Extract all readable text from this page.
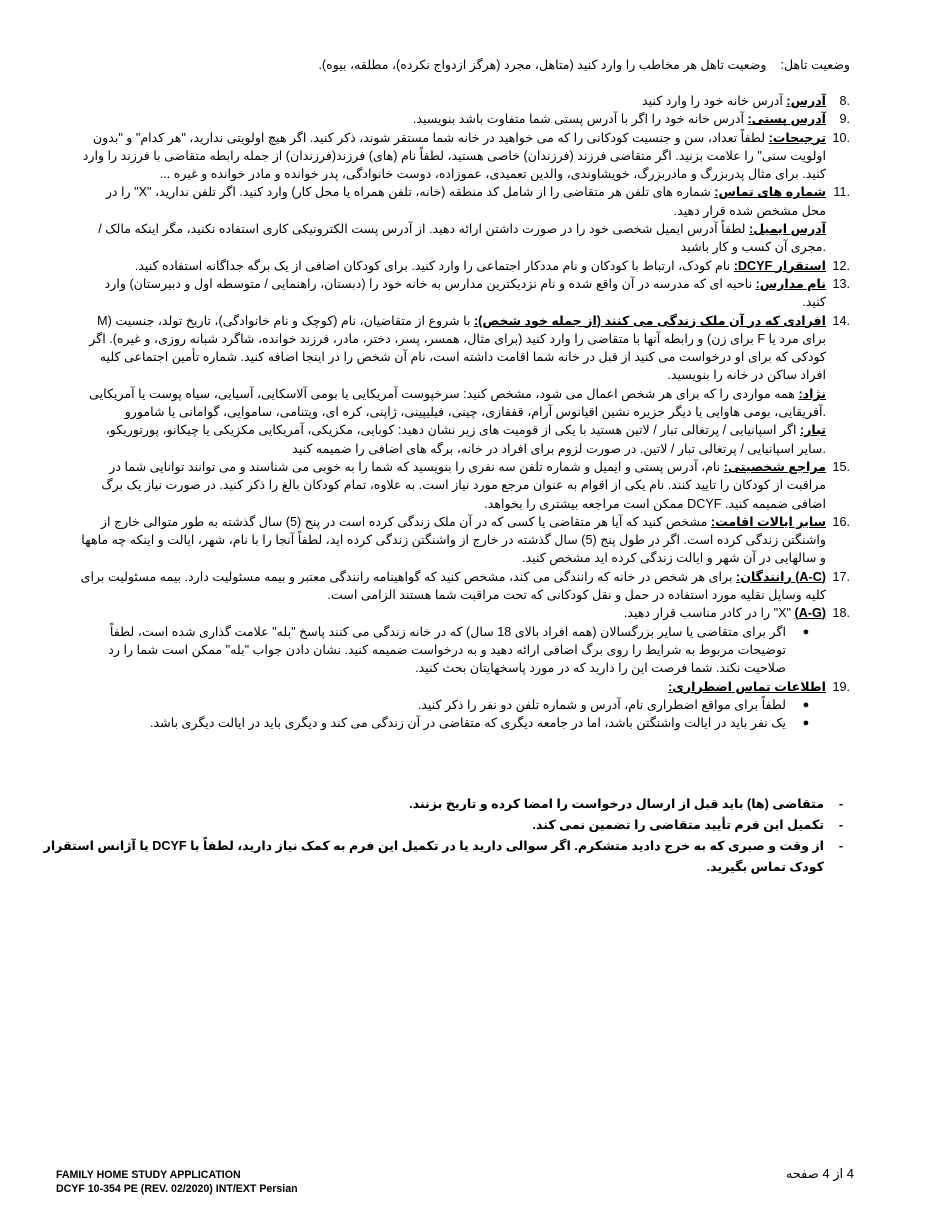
وضعیت تاهل: وضعیت تاهل هر مخاطب را وارد کنید (متاهل، مجرد (هرگز ازدواج نکرده)، مطلقه، بیوه).
8.
آدرس: آدرس خانه خود را وارد کنید
9.
آدرس پستی: آدرس خانه خود را اگر با آدرس پستی شما متفاوت باشد بنویسید.
10.
ترجیحات: لطفاً تعداد، سن و جنسیت کودکانی را که می خواهید در خانه شما مستقر شوند، ذکر کنید. اگر هیچ اولویتی ندارید، "هر کدام" و "بدون اولویت سنی" را علامت بزنید. اگر متقاضی فرزند (فرزندان) خاصی هستید، لطفاً نام (های) فرزند(فرزندان) از جمله رابطه متقاضی با فرزند را وارد کنید. برای مثال پدربزرگ و مادربزرگ، خویشاوندی، والدین تعمیدی، عموزاده، دوست خانوادگی، پدر خوانده و مادر خوانده و غیره ...
11.
شماره های تماس: شماره های تلفن هر متقاضی را از شامل کد منطقه (خانه، تلفن همراه یا محل کار) وارد کنید. اگر تلفن ندارید، "X" را در محل مشخص شده قرار دهید.
آدرس ایمیل: لطفاً آدرس ایمیل شخصی خود را در صورت داشتن ارائه دهید. از آدرس پست الکترونیکی کاری استفاده نکنید، مگر اینکه مالک / مجری آن کسب و کار باشید.
12.
استقرار DCYF: نام کودک، ارتباط با کودکان و نام مددکار اجتماعی را وارد کنید. برای کودکان اضافی از یک برگه جداگانه استفاده کنید.
13.
نام مدارس: ناحیه ای که مدرسه در آن واقع شده و نام نزدیکترین مدارس به خانه خود را (دبستان، راهنمایی / متوسطه اول و دبیرستان) وارد کنید.
14.
افرادی که در آن ملک زندگی می کنند (از جمله خود شخص): با شروع از متقاضیان، نام (کوچک و نام خانوادگی)، تاریخ تولد، جنسیت (M برای مرد یا F برای زن) و رابطه آنها با متقاضی را وارد کنید (برای مثال، همسر، پسر، دختر، مادر، فرزند خوانده، شاگرد شبانه روزی، و غیره). اگر کودکی که برای او درخواست می کنید از قبل در خانه شما اقامت داشته است، نام آن شخص را در اینجا اضافه کنید. شماره تأمین اجتماعی کلیه افراد ساکن در خانه را بنویسید.
نژاد: همه مواردی را که برای هر شخص اعمال می شود، مشخص کنید: سرخپوست آمریکایی یا بومی آلاسکایی، آسیایی، سیاه پوست یا آمریکایی آفریقایی، بومی هاوایی یا دیگر جزیره نشین اقیانوس آرام، قفقازی، چینی، فیلیپینی، ژاپنی، کره ای، ویتنامی، ساموایی، گوامانی یا شامورو.
تبار: اگر اسپانیایی / پرتغالی تبار / لاتین هستید با یکی از قومیت های زیر نشان دهید: کوبایی، مکزیکی، آمریکایی مکزیکی یا چیکانو، پورتوریکو، سایر اسپانیایی / پرتغالی تبار / لاتین. در صورت لزوم برای افراد در خانه، برگه های اضافی را ضمیمه کنید.
15.
مراجع شخصیتی: نام، آدرس پستی و ایمیل و شماره تلفن سه نفری را بنویسید که شما را به خوبی می شناسند و می توانند توانایی شما در مراقبت از کودکان را تایید کنند. نام یکی از اقوام به عنوان مرجع مورد نیاز است. به علاوه، تمام کودکان بالغ را ذکر کنید. در صورت نیاز یک برگ اضافی ضمیمه کنید. DCYF ممکن است مراجعه بیشتری را بخواهد.
16.
سایر ایالات اقامت: مشخص کنید که آیا هر متقاضی یا کسی که در آن ملک زندگی کرده است در پنج (5) سال گذشته به طور متوالی خارج از واشنگتن زندگی کرده است. اگر در طول پنج (5) سال گذشته در خارج از واشنگتن زندگی کرده اید، لطفاً آنجا را با نام، شهر، ایالت و اینکه چه ماهها و سالهایی در آن شهر و ایالت زندگی کرده اید مشخص کنید.
17.
(A-C) رانندگان: برای هر شخص در خانه که رانندگی می کند، مشخص کنید که گواهینامه رانندگی معتبر و بیمه مسئولیت دارد. بیمه مسئولیت برای کلیه وسایل نقلیه مورد استفاده در حمل و نقل کودکانی که تحت مراقبت شما هستند الزامی است.
18.
(A-G) "X" را در کادر مناسب قرار دهید.
●
اگر برای متقاضی یا سایر بزرگسالان (همه افراد بالای 18 سال) که در خانه زندگی می کنند پاسخ "بله" علامت گذاری شده است، لطفاً توضیحات مربوط به شرایط را روی برگ اضافی ارائه دهید و به درخواست ضمیمه کنید. نشان دادن جواب "بله" ممکن است شما را رد صلاحیت نکند. شما فرصت این را دارید که در مورد پاسخهایتان بحث کنید.
19.
اطلاعات تماس اضطراری:
●
لطفاً برای مواقع اضطراری نام، آدرس و شماره تلفن دو نفر را ذکر کنید.
●
یک نفر باید در ایالت واشنگتن باشد، اما در جامعه دیگری که متقاضی در آن زندگی می کند و دیگری باید در ایالت دیگری باشد.
-
متقاضی (ها) باید قبل از ارسال درخواست را امضا کرده و تاریخ بزنند.
-
تکمیل این فرم تأیید متقاضی را تضمین نمی کند.
-
از وقت و صبری که به خرج دادید متشکرم. اگر سوالی دارید یا در تکمیل این فرم به کمک نیاز دارید، لطفاً با DCYF یا آژانس استقرار کودک تماس بگیرید.
FAMILY HOME STUDY APPLICATION
DCYF 10-354 PE (REV. 02/2020) INT/EXT Persian
4 از 4 صفحه
